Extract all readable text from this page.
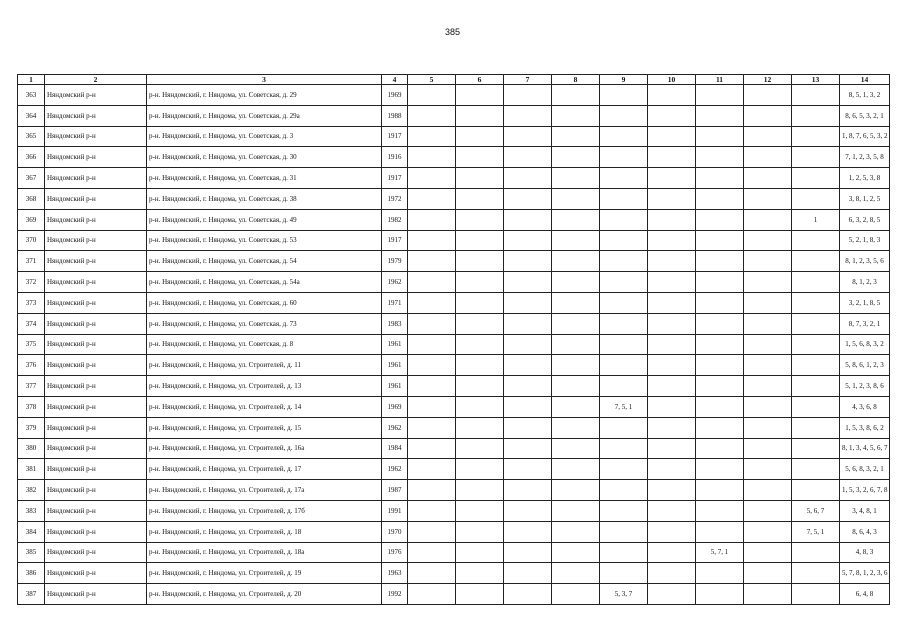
385
1	2	3	4	5	6	7	8	9	10	11	12	13	14
363	Няндомский р-н	р-н. Няндомский, г. Няндома, ул. Советская, д. 29	1969										8, 5, 1, 3, 2
364	Няндомский р-н	р-н. Няндомский, г. Няндома, ул. Советская, д. 29а	1988										8, 6, 5, 3, 2, 1
365	Няндомский р-н	р-н. Няндомский, г. Няндома, ул. Советская, д. 3	1917										1, 8, 7, 6, 5, 3, 2
366	Няндомский р-н	р-н. Няндомский, г. Няндома, ул. Советская, д. 30	1916										7, 1, 2, 3, 5, 8
367	Няндомский р-н	р-н. Няндомский, г. Няндома, ул. Советская, д. 31	1917										1, 2, 5, 3, 8
368	Няндомский р-н	р-н. Няндомский, г. Няндома, ул. Советская, д. 38	1972										3, 8, 1, 2, 5
369	Няндомский р-н	р-н. Няндомский, г. Няндома, ул. Советская, д. 49	1982									1	6, 3, 2, 8, 5
370	Няндомский р-н	р-н. Няндомский, г. Няндома, ул. Советская, д. 53	1917										5, 2, 1, 8, 3
371	Няндомский р-н	р-н. Няндомский, г. Няндома, ул. Советская, д. 54	1979										8, 1, 2, 3, 5, 6
372	Няндомский р-н	р-н. Няндомский, г. Няндома, ул. Советская, д. 54а	1962										8, 1, 2, 3
373	Няндомский р-н	р-н. Няндомский, г. Няндома, ул. Советская, д. 60	1971										3, 2, 1, 8, 5
374	Няндомский р-н	р-н. Няндомский, г. Няндома, ул. Советская, д. 73	1983										8, 7, 3, 2, 1
375	Няндомский р-н	р-н. Няндомский, г. Няндома, ул. Советская, д. 8	1961										1, 5, 6, 8, 3, 2
376	Няндомский р-н	р-н. Няндомский, г. Няндома, ул. Строителей, д. 11	1961										5, 8, 6, 1, 2, 3
377	Няндомский р-н	р-н. Няндомский, г. Няндома, ул. Строителей, д. 13	1961										5, 1, 2, 3, 8, 6
378	Няндомский р-н	р-н. Няндомский, г. Няндома, ул. Строителей, д. 14	1969					7, 5, 1					4, 3, 6, 8
379	Няндомский р-н	р-н. Няндомский, г. Няндома, ул. Строителей, д. 15	1962										1, 5, 3, 8, 6, 2
380	Няндомский р-н	р-н. Няндомский, г. Няндома, ул. Строителей, д. 16а	1984										8, 1, 3, 4, 5, 6, 7
381	Няндомский р-н	р-н. Няндомский, г. Няндома, ул. Строителей, д. 17	1962										5, 6, 8, 3, 2, 1
382	Няндомский р-н	р-н. Няндомский, г. Няндома, ул. Строителей, д. 17а	1987										1, 5, 3, 2, 6, 7, 8
383	Няндомский р-н	р-н. Няндомский, г. Няндома, ул. Строителей, д. 17б	1991									5, 6, 7	3, 4, 8, 1
384	Няндомский р-н	р-н. Няндомский, г. Няндома, ул. Строителей, д. 18	1970									7, 5, 1	8, 6, 4, 3
385	Няндомский р-н	р-н. Няндомский, г. Няндома, ул. Строителей, д. 18а	1976							5, 7, 1			4, 8, 3
386	Няндомский р-н	р-н. Няндомский, г. Няндома, ул. Строителей, д. 19	1963										5, 7, 8, 1, 2, 3, 6
387	Няндомский р-н	р-н. Няндомский, г. Няндома, ул. Строителей, д. 20	1992					5, 3, 7					6, 4, 8
